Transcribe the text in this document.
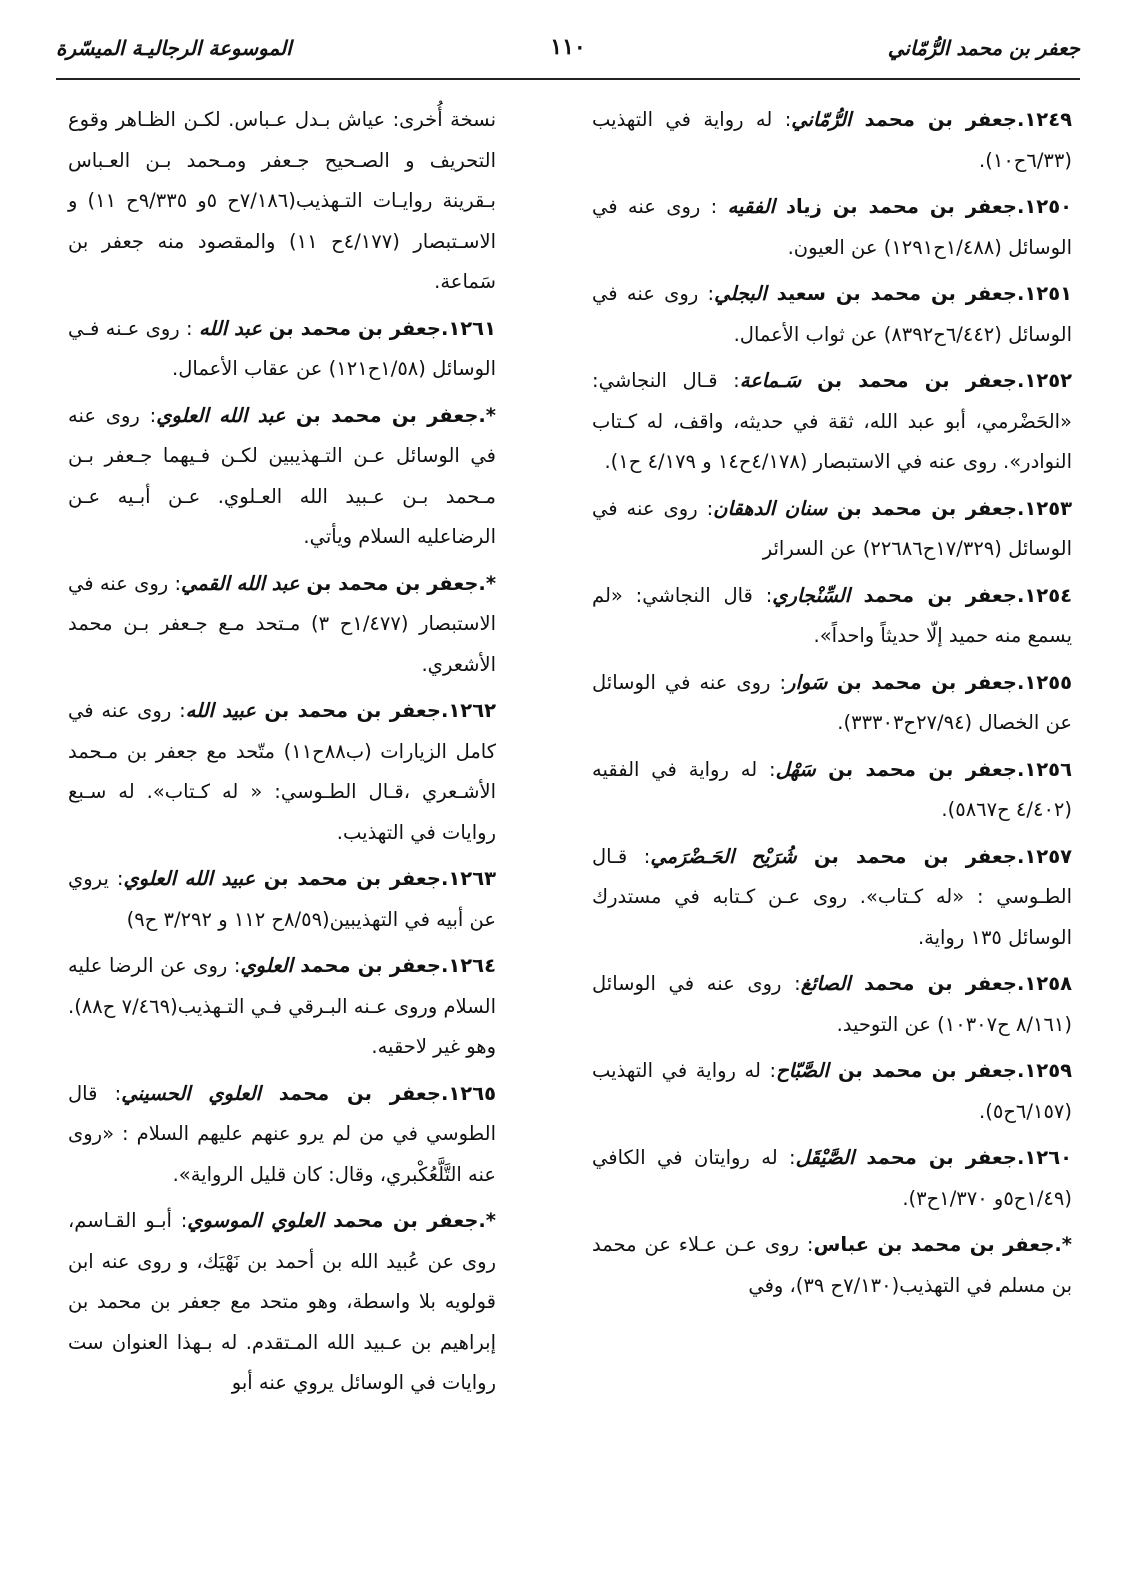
جعفر بن محمد الرُّمّاني
١١٠
الموسوعة الرجاليـة الميسّرة
١٢٤٩.جعفر بن محمد الرُّمّاني: له رواية في التهذيب (٦/٣٣ح١٠).
١٢٥٠.جعفر بن محمد بن زياد الفقيه : روى عنه في الوسائل (١/٤٨٨ح١٢٩١) عن العيون.
١٢٥١.جعفر بن محمد بن سعيد البجلي: روى عنه في الوسائل (٦/٤٤٢ح٨٣٩٢) عن ثواب الأعمال.
١٢٥٢.جعفر بن محمد بن سَـماعة: قـال النجاشي: «الحَضْرمي، أبو عبد الله، ثقة في حديثه، واقف، له كـتاب النوادر». روى عنه في الاستبصار (٤/١٧٨ح١٤ و ٤/١٧٩ ح١).
١٢٥٣.جعفر بن محمد بن سنان الدهقان: روى عنه في الوسائل (١٧/٣٢٩ح٢٢٦٨٦) عن السرائر
١٢٥٤.جعفر بن محمد السِّنْجاري: قال النجاشي: «لم يسمع منه حميد إلّا حديثاً واحداً».
١٢٥٥.جعفر بن محمد بن سَوار: روى عنه في الوسائل عن الخصال (٢٧/٩٤ح٣٣٣٠٣).
١٢٥٦.جعفر بن محمد بن سَهْل: له رواية في الفقيه (٤/٤٠٢ ح٥٨٦٧).
١٢٥٧.جعفر بن محمد بن شُرَيْح الحَـضْرَمي: قـال الطـوسي : «له كـتاب». روى عـن كـتابه في مستدرك الوسائل ١٣٥ رواية.
١٢٥٨.جعفر بن محمد الصائغ: روى عنه في الوسائل (٨/١٦١ ح١٠٣٠٧) عن التوحيد.
١٢٥٩.جعفر بن محمد بن الصَّبّاح: له رواية في التهذيب (٦/١٥٧ح٥).
١٢٦٠.جعفر بن محمد الصَّيْقَل: له روايتان في الكافي (١/٤٩ح٥و ١/٣٧٠ح٣).
*.جعفر بن محمد بن عباس: روى عـن عـلاء عن محمد بن مسلم في التهذيب(٧/١٣٠ح ٣٩)، وفي
نسخة أُخرى: عياش بـدل عـباس. لكـن الظـاهر وقوع التحريف و الصـحيح جـعفر ومـحمد بـن العـباس بـقرينة روايـات التـهذيب(٧/١٨٦ح ٥و ٩/٣٣٥ح ١١) و الاسـتبصار (٤/١٧٧ح ١١) والمقصود منه جعفر بن سَماعة.
١٢٦١.جعفر بن محمد بن عبد الله : روى عـنه فـي الوسائل (١/٥٨ح١٢١) عن عقاب الأعمال.
*.جعفر بن محمد بن عبد الله العلوي: روى عنه في الوسائل عـن التـهذيبين لكـن فـيهما جـعفر بـن مـحمد بـن عـبيد الله العـلوي. عـن أبـيه عـن الرضاعليه السلام ويأتي.
*.جعفر بن محمد بن عبد الله القمي: روى عنه في الاستبصار (١/٤٧٧ح ٣) مـتحد مـع جـعفر بـن محمد الأشعري.
١٢٦٢.جعفر بن محمد بن عبيد الله: روى عنه في كامل الزيارات (ب٨٨ح١١) متّحد مع جعفر بن مـحمد الأشـعري ،قـال الطـوسي: « له كـتاب». له سـبع روايات في التهذيب.
١٢٦٣.جعفر بن محمد بن عبيد الله العلوي: يروي عن أبيه في التهذيبين(٨/٥٩ح ١١٢ و ٣/٢٩٢ ح٩)
١٢٦٤.جعفر بن محمد العلوي: روى عن الرضا عليه السلام وروى عـنه البـرقي فـي التـهذيب(٧/٤٦٩ ح٨٨). وهو غير لاحقيه.
١٢٦٥.جعفر بن محمد العلوي الحسيني: قال الطوسي في من لم يرو عنهم عليهم السلام : «روى عنه التَّلَّعُكْبري، وقال: كان قليل الرواية».
*.جعفر بن محمد العلوي الموسوي: أبـو القـاسم، روى عن عُبيد الله بن أحمد بن نَهْيَك، و روى عنه ابن قولويه بلا واسطة، وهو متحد مع جعفر بن محمد بن إبراهيم بن عـبيد الله المـتقدم. له بـهذا العنوان ست روايات في الوسائل يروي عنه أبو
